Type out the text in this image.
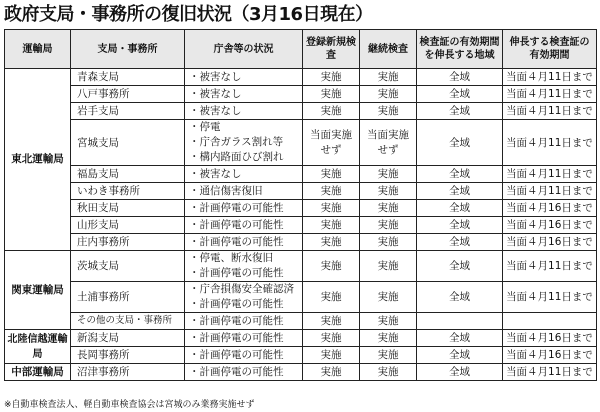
政府支局・事務所の復旧状況（3月16日現在）
運輸局	支局・事務所	庁舎等の状況	登録新規検査	継続検査	検査証の有効期間を伸長する地域	伸長する検査証の有効期間
東北運輸局	青森支局	・被害なし	実施	実施	全域	当面４月11日まで
	八戸事務所	・被害なし	実施	実施	全域	当面４月11日まで
	岩手支局	・被害なし	実施	実施	全域	当面４月11日まで
	宮城支局	・停電
・庁舎ガラス割れ等
・構内路面ひび割れ	当面実施せず	当面実施せず	全域	当面４月11日まで
	福島支局	・被害なし	実施	実施	全域	当面４月11日まで
	いわき事務所	・通信傷害復旧	実施	実施	全域	当面４月11日まで
	秋田支局	・計画停電の可能性	実施	実施	全域	当面４月16日まで
	山形支局	・計画停電の可能性	実施	実施	全域	当面４月16日まで
	庄内事務所	・計画停電の可能性	実施	実施	全域	当面４月16日まで
関東運輸局	茨城支局	・停電、断水復旧
・計画停電の可能性	実施	実施	全域	当面４月11日まで
	土浦事務所	・庁舎損傷安全確認済
・計画停電の可能性	実施	実施	全域	当面４月11日まで
	その他の支局・事務所	・計画停電の可能性	実施	実施		
北陸信越運輸局	新潟支局	・計画停電の可能性	実施	実施	全域	当面４月16日まで
	長岡事務所	・計画停電の可能性	実施	実施	全域	当面４月16日まで
中部運輸局	沼津事務所	・計画停電の可能性	実施	実施	全域	当面４月11日まで
※自動車検査法人、軽自動車検査協会は宮城のみ業務実施せず
